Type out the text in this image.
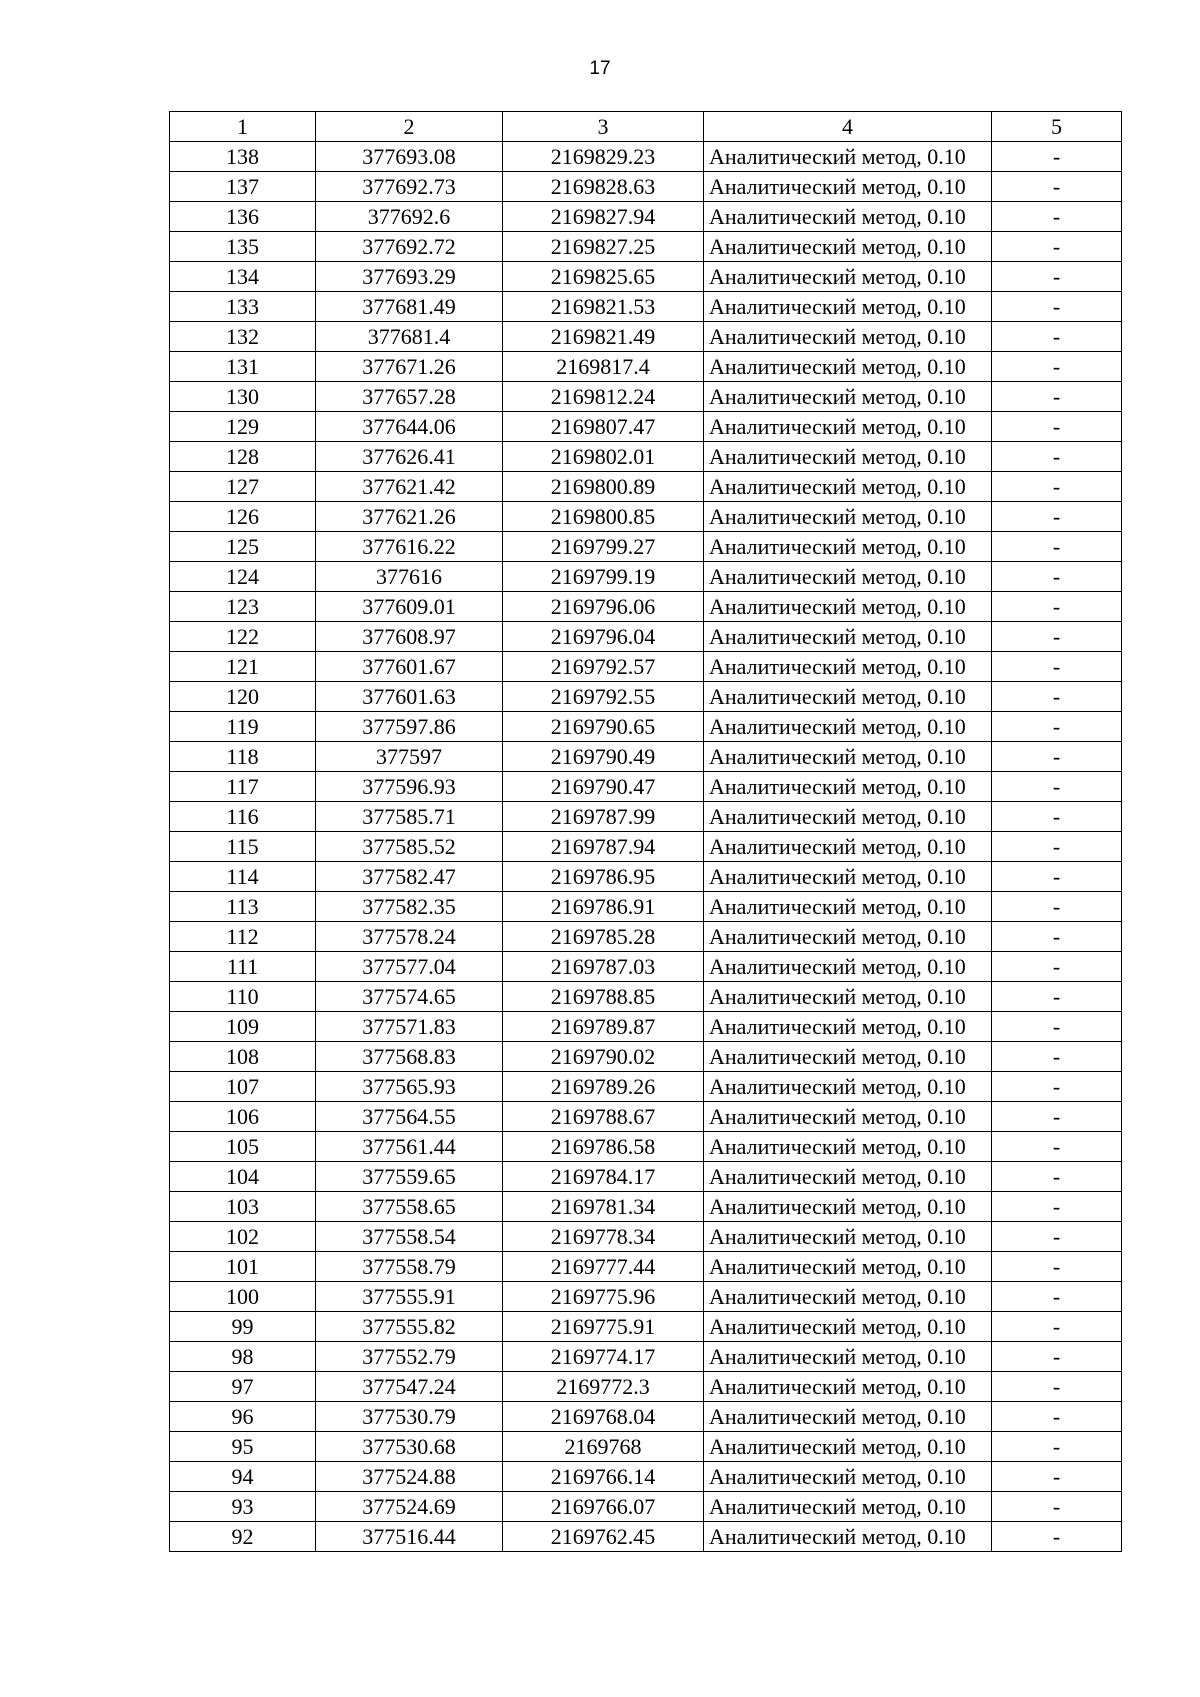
17
1	2	3	4	5
138	377693.08	2169829.23	Аналитический метод, 0.10	-
137	377692.73	2169828.63	Аналитический метод, 0.10	-
136	377692.6	2169827.94	Аналитический метод, 0.10	-
135	377692.72	2169827.25	Аналитический метод, 0.10	-
134	377693.29	2169825.65	Аналитический метод, 0.10	-
133	377681.49	2169821.53	Аналитический метод, 0.10	-
132	377681.4	2169821.49	Аналитический метод, 0.10	-
131	377671.26	2169817.4	Аналитический метод, 0.10	-
130	377657.28	2169812.24	Аналитический метод, 0.10	-
129	377644.06	2169807.47	Аналитический метод, 0.10	-
128	377626.41	2169802.01	Аналитический метод, 0.10	-
127	377621.42	2169800.89	Аналитический метод, 0.10	-
126	377621.26	2169800.85	Аналитический метод, 0.10	-
125	377616.22	2169799.27	Аналитический метод, 0.10	-
124	377616	2169799.19	Аналитический метод, 0.10	-
123	377609.01	2169796.06	Аналитический метод, 0.10	-
122	377608.97	2169796.04	Аналитический метод, 0.10	-
121	377601.67	2169792.57	Аналитический метод, 0.10	-
120	377601.63	2169792.55	Аналитический метод, 0.10	-
119	377597.86	2169790.65	Аналитический метод, 0.10	-
118	377597	2169790.49	Аналитический метод, 0.10	-
117	377596.93	2169790.47	Аналитический метод, 0.10	-
116	377585.71	2169787.99	Аналитический метод, 0.10	-
115	377585.52	2169787.94	Аналитический метод, 0.10	-
114	377582.47	2169786.95	Аналитический метод, 0.10	-
113	377582.35	2169786.91	Аналитический метод, 0.10	-
112	377578.24	2169785.28	Аналитический метод, 0.10	-
111	377577.04	2169787.03	Аналитический метод, 0.10	-
110	377574.65	2169788.85	Аналитический метод, 0.10	-
109	377571.83	2169789.87	Аналитический метод, 0.10	-
108	377568.83	2169790.02	Аналитический метод, 0.10	-
107	377565.93	2169789.26	Аналитический метод, 0.10	-
106	377564.55	2169788.67	Аналитический метод, 0.10	-
105	377561.44	2169786.58	Аналитический метод, 0.10	-
104	377559.65	2169784.17	Аналитический метод, 0.10	-
103	377558.65	2169781.34	Аналитический метод, 0.10	-
102	377558.54	2169778.34	Аналитический метод, 0.10	-
101	377558.79	2169777.44	Аналитический метод, 0.10	-
100	377555.91	2169775.96	Аналитический метод, 0.10	-
99	377555.82	2169775.91	Аналитический метод, 0.10	-
98	377552.79	2169774.17	Аналитический метод, 0.10	-
97	377547.24	2169772.3	Аналитический метод, 0.10	-
96	377530.79	2169768.04	Аналитический метод, 0.10	-
95	377530.68	2169768	Аналитический метод, 0.10	-
94	377524.88	2169766.14	Аналитический метод, 0.10	-
93	377524.69	2169766.07	Аналитический метод, 0.10	-
92	377516.44	2169762.45	Аналитический метод, 0.10	-
